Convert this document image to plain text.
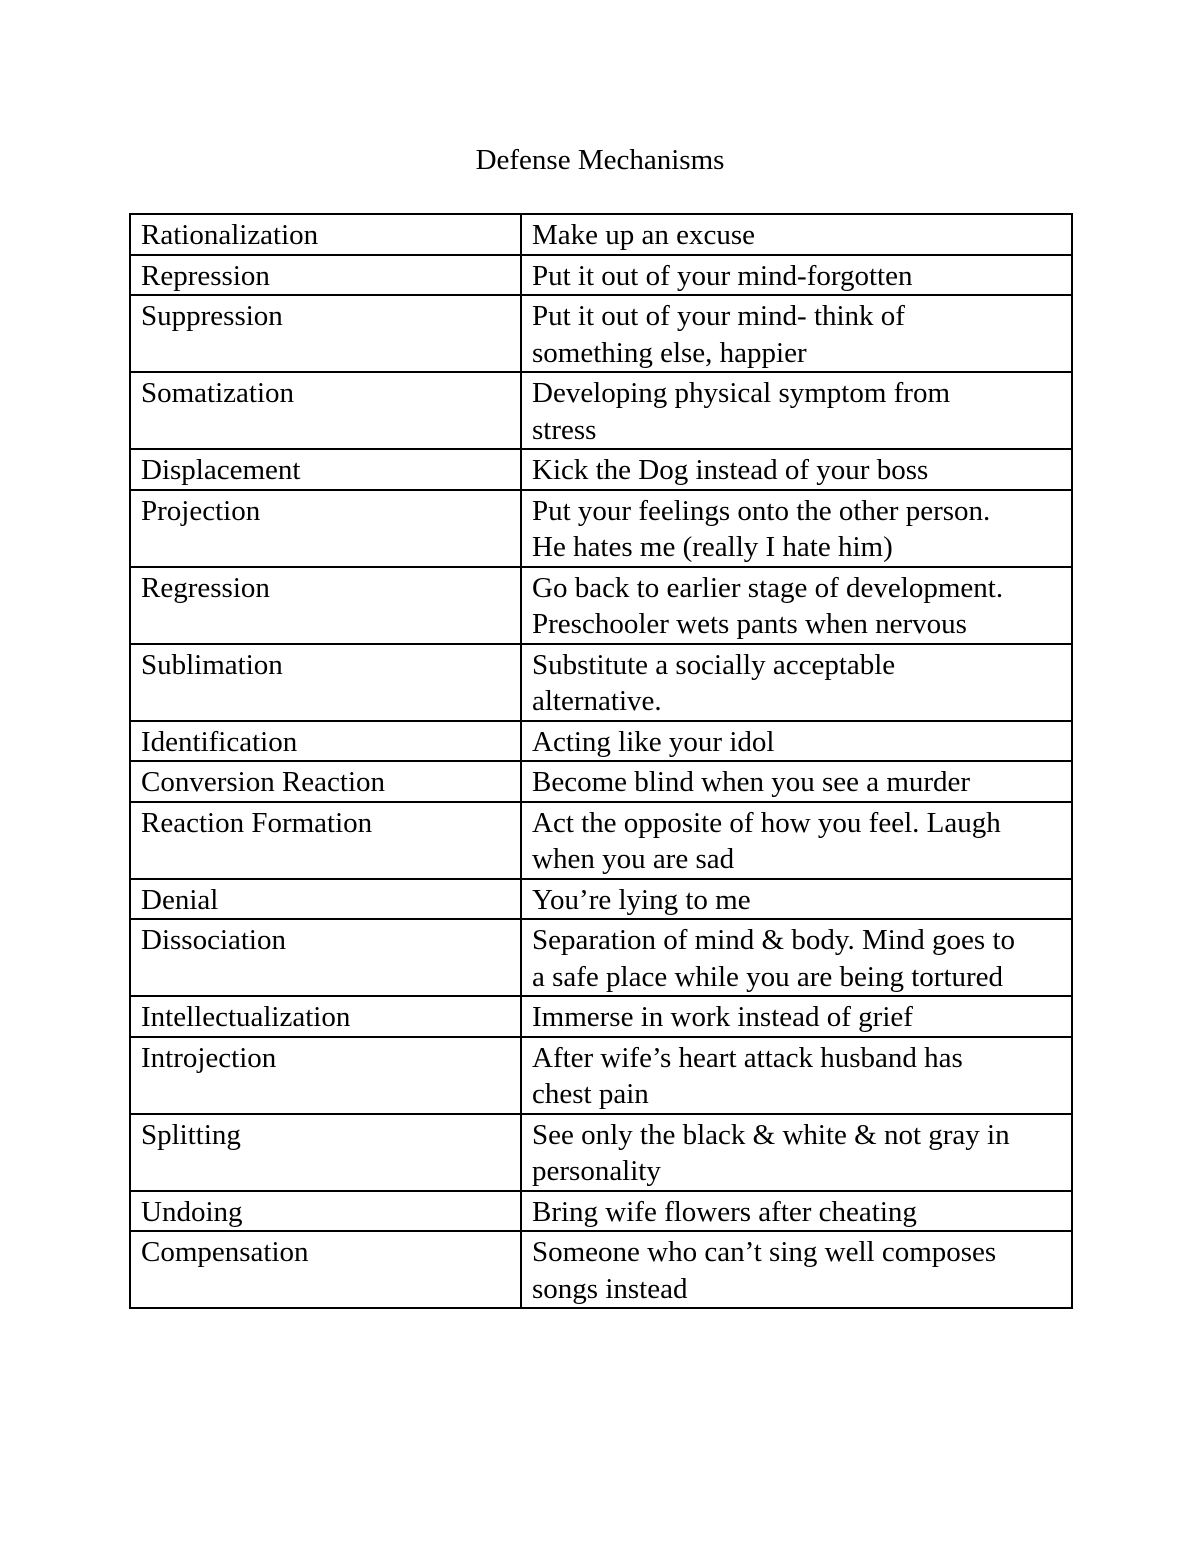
Defense Mechanisms
Rationalization	Make up an excuse
Repression	Put it out of your mind-forgotten
Suppression	Put it out of your mind- think of
something else, happier
Somatization	Developing physical symptom from
stress
Displacement	Kick the Dog instead of your boss
Projection	Put your feelings onto the other person.
He hates me (really I hate him)
Regression	Go back to earlier stage of development.
Preschooler wets pants when nervous
Sublimation	Substitute a socially acceptable
alternative.
Identification	Acting like your idol
Conversion Reaction	Become blind when you see a murder
Reaction Formation	Act the opposite of how you feel. Laugh
when you are sad
Denial	You’re lying to me
Dissociation	Separation of mind & body. Mind goes to
a safe place while you are being tortured
Intellectualization	Immerse in work instead of grief
Introjection	After wife’s heart attack husband has
chest pain
Splitting	See only the black & white & not gray in
personality
Undoing	Bring wife flowers after cheating
Compensation	Someone who can’t sing well composes
songs instead
